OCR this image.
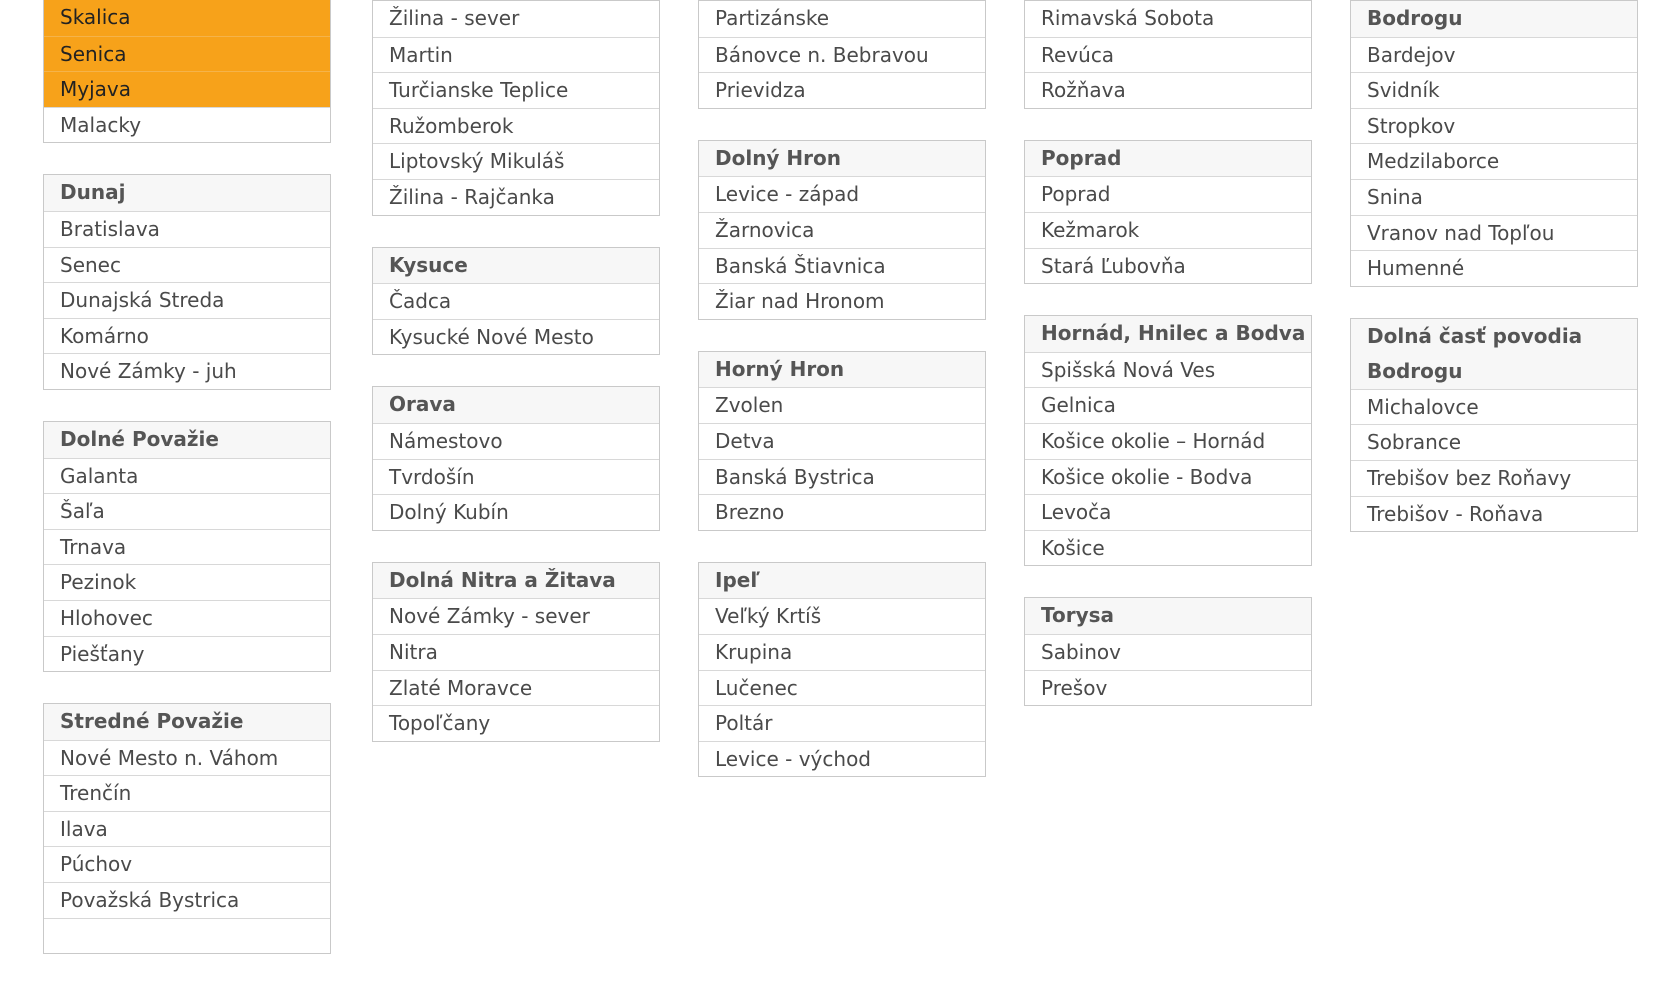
Skalica
Senica
Myjava
Malacky
Dunaj
Bratislava
Senec
Dunajská Streda
Komárno
Nové Zámky - juh
Dolné Považie
Galanta
Šaľa
Trnava
Pezinok
Hlohovec
Piešťany
Stredné Považie
Nové Mesto n. Váhom
Trenčín
Ilava
Púchov
Považská Bystrica
Žilina - sever
Martin
Turčianske Teplice
Ružomberok
Liptovský Mikuláš
Žilina - Rajčanka
Kysuce
Čadca
Kysucké Nové Mesto
Orava
Námestovo
Tvrdošín
Dolný Kubín
Dolná Nitra a Žitava
Nové Zámky - sever
Nitra
Zlaté Moravce
Topoľčany
Partizánske
Bánovce n. Bebravou
Prievidza
Dolný Hron
Levice - západ
Žarnovica
Banská Štiavnica
Žiar nad Hronom
Horný Hron
Zvolen
Detva
Banská Bystrica
Brezno
Ipeľ
Veľký Krtíš
Krupina
Lučenec
Poltár
Levice - východ
Rimavská Sobota
Revúca
Rožňava
Poprad
Poprad
Kežmarok
Stará Ľubovňa
Hornád, Hnilec a Bodva
Spišská Nová Ves
Gelnica
Košice okolie – Hornád
Košice okolie - Bodva
Levoča
Košice
Torysa
Sabinov
Prešov
Bodrogu
Bardejov
Svidník
Stropkov
Medzilaborce
Snina
Vranov nad Topľou
Humenné
Dolná časť povodia Bodrogu
Michalovce
Sobrance
Trebišov bez Roňavy
Trebišov - Roňava
